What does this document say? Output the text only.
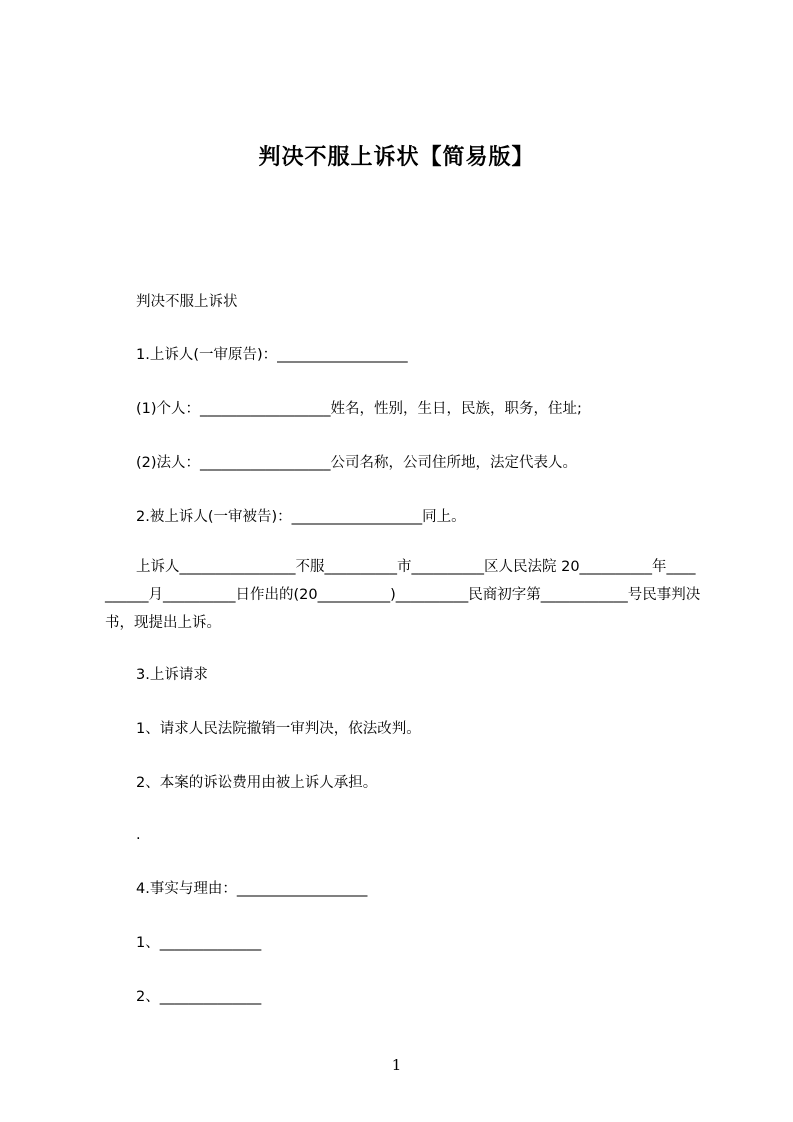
判决不服上诉状【简易版】
判决不服上诉状
1.上诉人(一审原告)：__________________
(1)个人：__________________姓名，性别，生日，民族，职务，住址;
(2)法人：__________________公司名称，公司住所地，法定代表人。
2.被上诉人(一审被告)：__________________同上。
上诉人________________不服__________市__________区人民法院 20__________年__________月__________日作出的(20__________)__________民商初字第____________号民事判决书，现提出上诉。
3.上诉请求
1、请求人民法院撤销一审判决，依法改判。
2、本案的诉讼费用由被上诉人承担。
.
4.事实与理由：__________________
1、______________
2、______________
1
